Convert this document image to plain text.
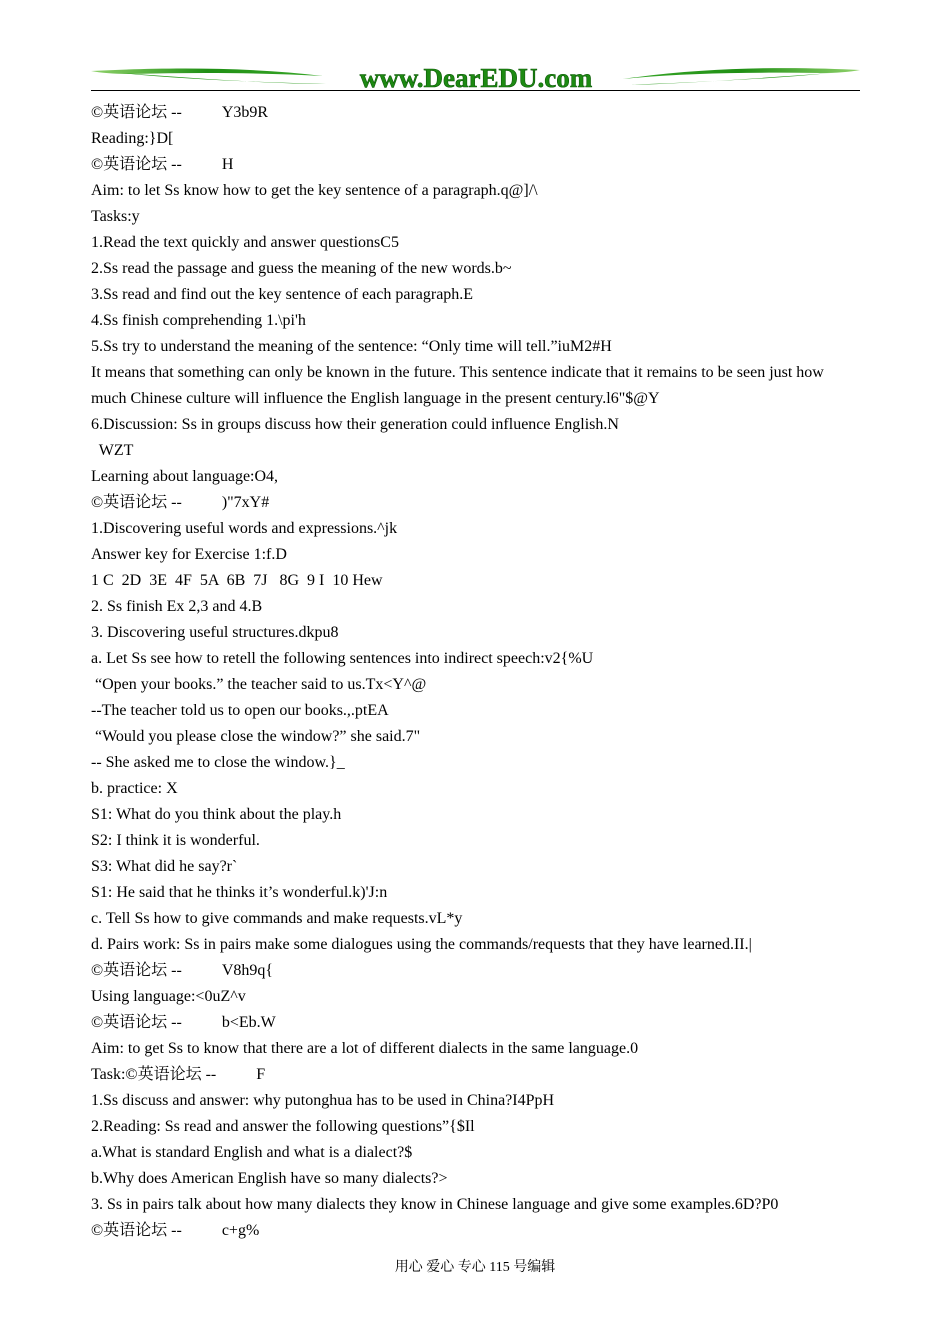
www.DearEDU.com
©英语论坛 --          Y3b9R
Reading:}D[
©英语论坛 --          H
Aim: to let Ss know how to get the key sentence of a paragraph.q@]/\
Tasks:y
1.Read the text quickly and answer questionsC5
2.Ss read the passage and guess the meaning of the new words.b~
3.Ss read and find out the key sentence of each paragraph.E
4.Ss finish comprehending 1.\pi'h
5.Ss try to understand the meaning of the sentence: “Only time will tell.”iuM2#H
It means that something can only be known in the future. This sentence indicate that it remains to be seen just how much Chinese culture will influence the English language in the present century.l6"$@Y
6.Discussion: Ss in groups discuss how their generation could influence English.N
WZT
Learning about language:O4,
©英语论坛 --          )"7xY#
1.Discovering useful words and expressions.^jk
Answer key for Exercise 1:f.D
1 C  2D  3E  4F  5A  6B  7J   8G  9 I  10 Hew
2. Ss finish Ex 2,3 and 4.B
3. Discovering useful structures.dkpu8
a. Let Ss see how to retell the following sentences into indirect speech:v2{%U
“Open your books.” the teacher said to us.Tx<Y^@
--The teacher told us to open our books.,.ptEA
“Would you please close the window?” she said.7"
-- She asked me to close the window.}_
b. practice: X
S1: What do you think about the play.h
S2: I think it is wonderful.
S3: What did he say?r`
S1: He said that he thinks it’s wonderful.k)'J:n
c. Tell Ss how to give commands and make requests.vL*y
d. Pairs work: Ss in pairs make some dialogues using the commands/requests that they have learned.II.|
©英语论坛 --          V8h9q{
Using language:<0uZ^v
©英语论坛 --          b<Eb.W
Aim: to get Ss to know that there are a lot of different dialects in the same language.0
Task:©英语论坛 --          F
1.Ss discuss and answer: why putonghua has to be used in China?I4PpH
2.Reading: Ss read and answer the following questions”{$Il
a.What is standard English and what is a dialect?$
b.Why does American English have so many dialects?>
3. Ss in pairs talk about how many dialects they know in Chinese language and give some examples.6D?P0
©英语论坛 --          c+g%
用心 爱心 专心 115 号编辑
